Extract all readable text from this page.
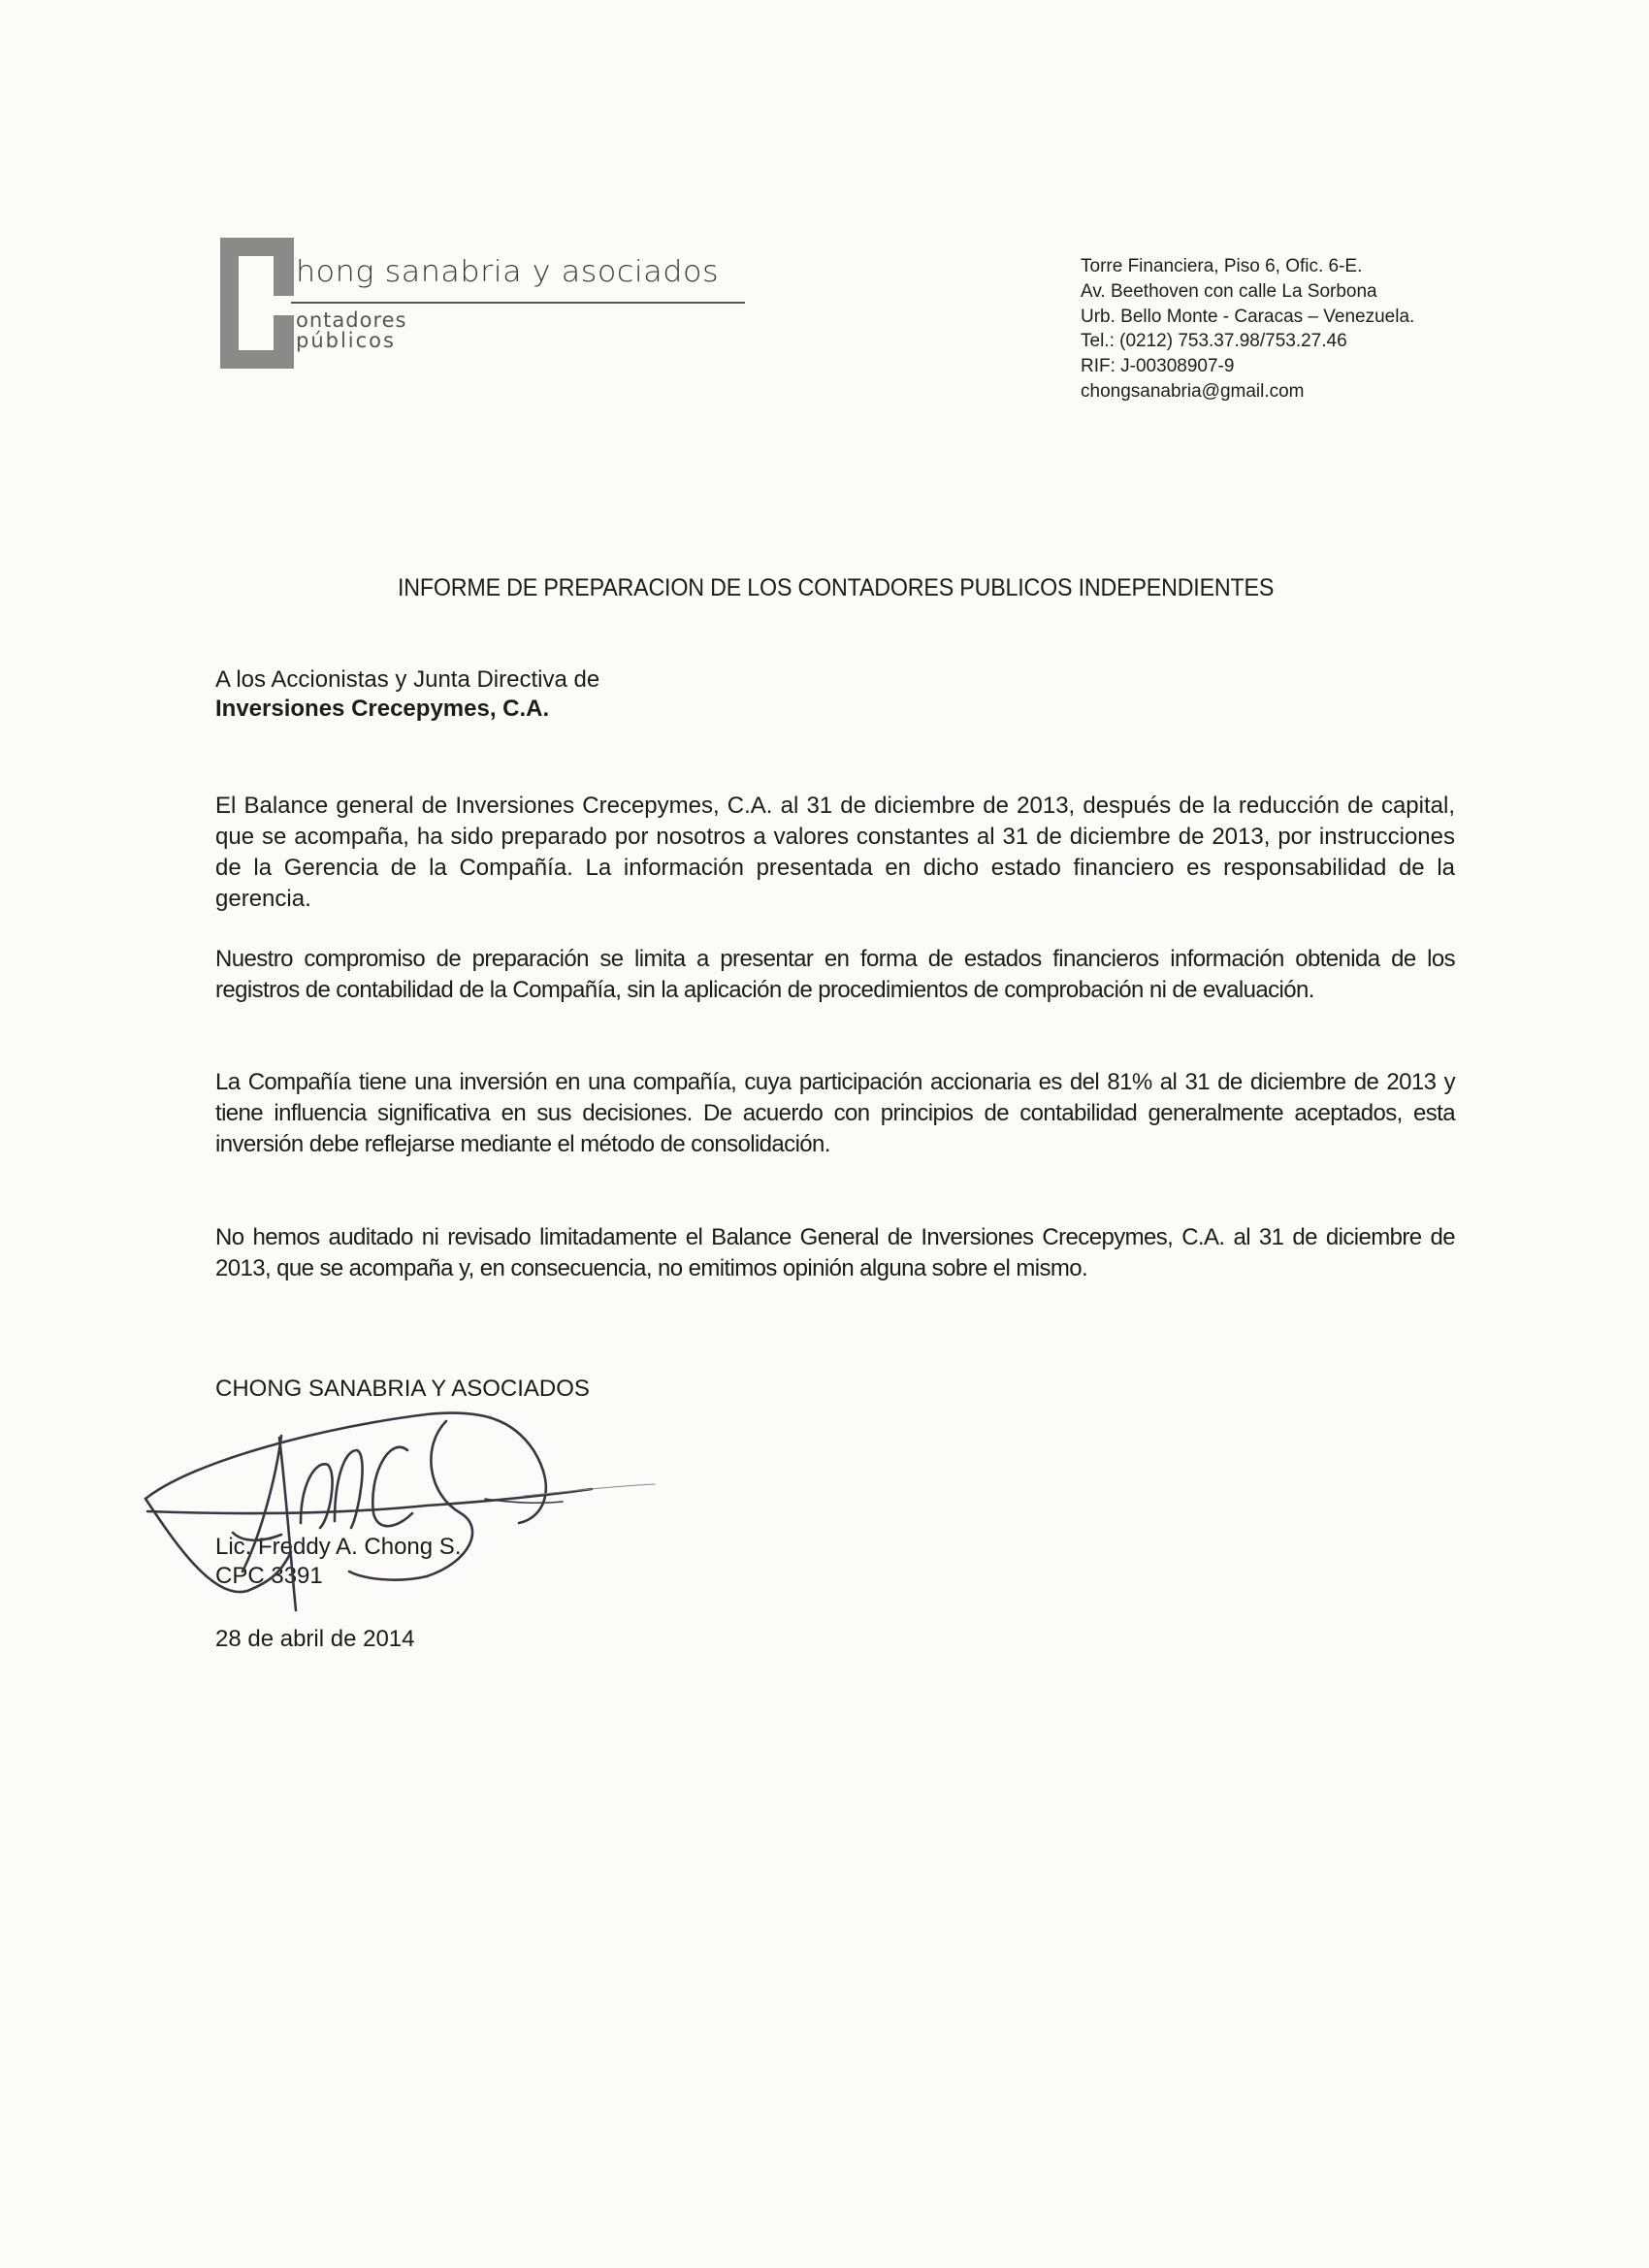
hong sanabria y asociados
ontadores
públicos
Torre Financiera, Piso 6, Ofic. 6-E.
Av. Beethoven con calle La Sorbona
Urb. Bello Monte - Caracas – Venezuela.
Tel.: (0212) 753.37.98/753.27.46
RIF: J-00308907-9
chongsanabria@gmail.com
INFORME DE PREPARACION DE LOS CONTADORES PUBLICOS INDEPENDIENTES
A los Accionistas y Junta Directiva de
Inversiones Crecepymes, C.A.

El Balance general de Inversiones Crecepymes, C.A. al 31 de diciembre de 2013, después de la reducción de capital, que se acompaña, ha sido preparado por nosotros a valores constantes al 31 de diciembre de 2013, por instrucciones de la Gerencia de la Compañía. La información presentada en dicho estado financiero es responsabilidad de la gerencia.

Nuestro compromiso de preparación se limita a presentar en forma de estados financieros información obtenida de los registros de contabilidad de la Compañía, sin la aplicación de procedimientos de comprobación ni de evaluación.

La Compañía tiene una inversión en una compañía, cuya participación accionaria es del 81% al 31 de diciembre de 2013 y tiene influencia significativa en sus decisiones. De acuerdo con principios de contabilidad generalmente aceptados, esta inversión debe reflejarse mediante el método de consolidación.

No hemos auditado ni revisado limitadamente el Balance General de Inversiones Crecepymes, C.A. al 31 de diciembre de 2013, que se acompaña y, en consecuencia, no emitimos opinión alguna sobre el mismo.

CHONG SANABRIA Y ASOCIADOS
Lic. Freddy A. Chong S.
CPC 3391
28 de abril de 2014
